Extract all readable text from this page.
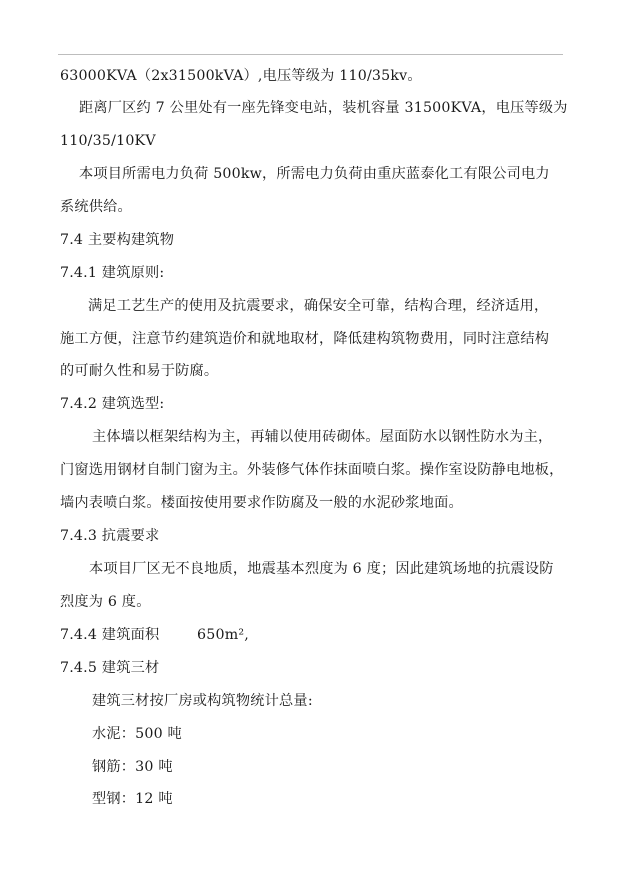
63000KVA（2x31500kVA）,电压等级为 110/35kv。
距离厂区约 7 公里处有一座先锋变电站，装机容量 31500KVA，电压等级为
110/35/10KV
本项目所需电力负荷 500kw，所需电力负荷由重庆蓝泰化工有限公司电力
系统供给。
7.4 主要构建筑物
7.4.1 建筑原则:
满足工艺生产的使用及抗震要求，确保安全可靠，结构合理，经济适用，
施工方便，注意节约建筑造价和就地取材，降低建构筑物费用，同时注意结构
的可耐久性和易于防腐。
7.4.2 建筑选型:
主体墙以框架结构为主，再辅以使用砖砌体。屋面防水以钢性防水为主，
门窗选用钢材自制门窗为主。外装修气体作抹面喷白浆。操作室设防静电地板，
墙内表喷白浆。楼面按使用要求作防腐及一般的水泥砂浆地面。
7.4.3 抗震要求
本项目厂区无不良地质，地震基本烈度为 6 度；因此建筑场地的抗震设防
烈度为 6 度。
7.4.4 建筑面积        650m²,
7.4.5 建筑三材
建筑三材按厂房或构筑物统计总量:
水泥：500 吨
钢筋：30 吨
型钢：12 吨
